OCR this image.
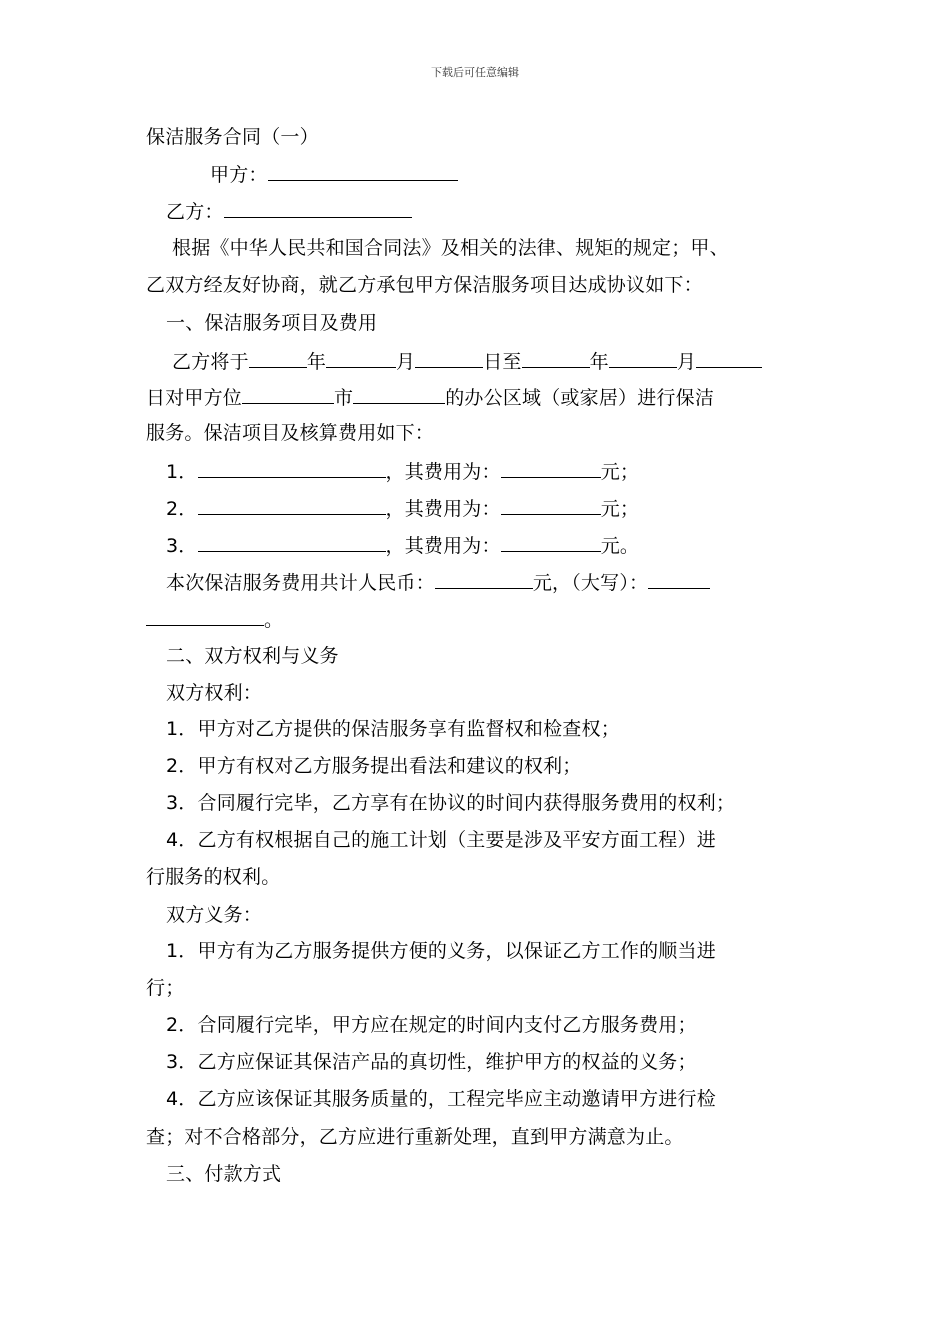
下载后可任意编辑
保洁服务合同（一）
甲方：
乙方：
根据《中华人民共和国合同法》及相关的法律、规矩的规定；甲、
乙双方经友好协商，就乙方承包甲方保洁服务项目达成协议如下：
一、保洁服务项目及费用
乙方将于	年	月	日至	年	月
日对甲方位	市	的办公区域（或家居）进行保洁
服务。保洁项目及核算费用如下：
1．	，其费用为：	元；
2．	，其费用为：	元；
3．	，其费用为：	元。
本次保洁服务费用共计人民币：	元，（大写）：
。
二、双方权利与义务
双方权利：
1．甲方对乙方提供的保洁服务享有监督权和检查权；
2．甲方有权对乙方服务提出看法和建议的权利；
3．合同履行完毕，乙方享有在协议的时间内获得服务费用的权利；
4．乙方有权根据自己的施工计划（主要是涉及平安方面工程）进
行服务的权利。
双方义务：
1．甲方有为乙方服务提供方便的义务，以保证乙方工作的顺当进
行；
2．合同履行完毕，甲方应在规定的时间内支付乙方服务费用；
3．乙方应保证其保洁产品的真切性，维护甲方的权益的义务；
4．乙方应该保证其服务质量的，工程完毕应主动邀请甲方进行检
查；对不合格部分，乙方应进行重新处理，直到甲方满意为止。
三、付款方式
